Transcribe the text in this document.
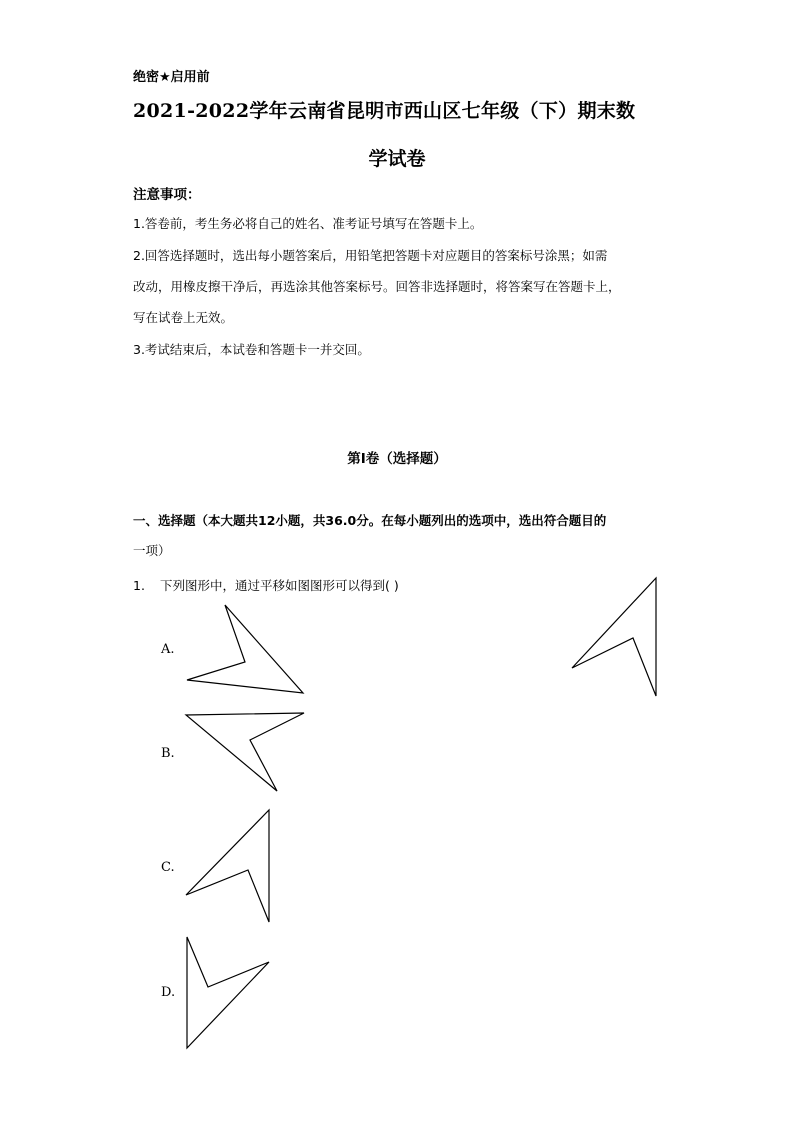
绝密★启用前
2021-2022学年云南省昆明市西山区七年级（下）期末数
学试卷
注意事项：
1.答卷前，考生务必将自己的姓名、准考证号填写在答题卡上。
2.回答选择题时，选出每小题答案后，用铅笔把答题卡对应题目的答案标号涂黑；如需
改动，用橡皮擦干净后，再选涂其他答案标号。回答非选择题时，将答案写在答题卡上，
写在试卷上无效。
3.考试结束后，本试卷和答题卡一并交回。
第Ⅰ卷（选择题）
一、选择题（本大题共12小题，共36.0分。在每小题列出的选项中，选出符合题目的
一项）
1. 下列图形中，通过平移如图图形可以得到( )
A.
B.
C.
D.
